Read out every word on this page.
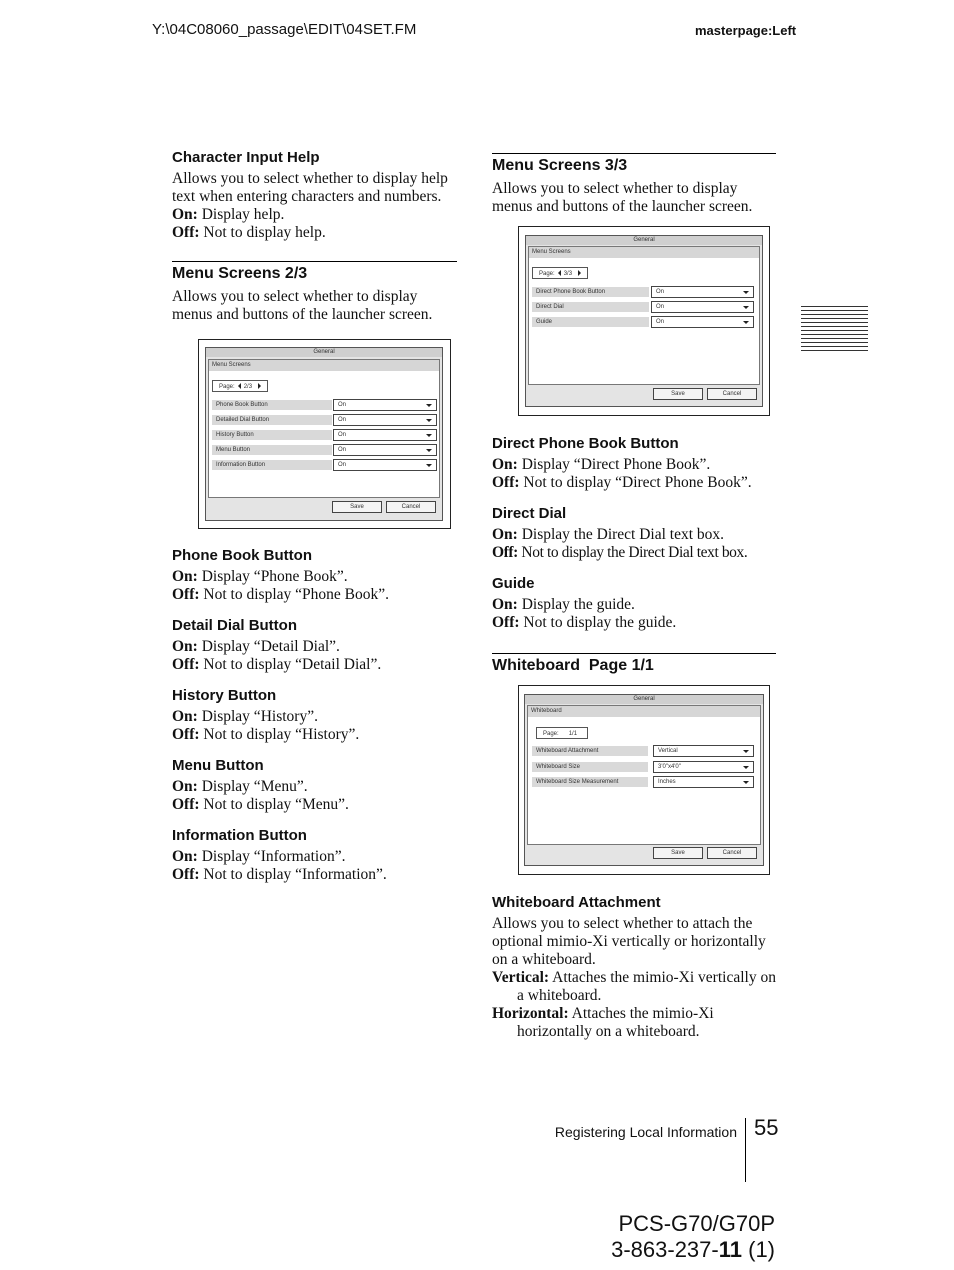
Y:\04C08060_passage\EDIT\04SET.FM	masterpage:Left

Character Input Help

Allows you to select whether to display help text when entering characters and numbers.

On: Display help.

Off: Not to display help.

Menu Screens 2/3

Allows you to select whether to display menus and buttons of the launcher screen.

General
Menu Screens
Page: 2/3
Phone Book Button	On
Detailed Dial Button	On
History Button	On
Menu Button	On
Information Button	On
Save	Cancel

Phone Book Button

On: Display “Phone Book”.

Off: Not to display “Phone Book”.

Detail Dial Button

On: Display “Detail Dial”.

Off: Not to display “Detail Dial”.

History Button

On: Display “History”.

Off: Not to display “History”.

Menu Button

On: Display “Menu”.

Off: Not to display “Menu”.

Information Button

On: Display “Information”.

Off: Not to display “Information”.

Menu Screens 3/3

Allows you to select whether to display menus and buttons of the launcher screen.

General
Menu Screens
Page: 3/3
Direct Phone Book Button	On
Direct Dial	On
Guide	On
Save	Cancel

Direct Phone Book Button

On: Display “Direct Phone Book”.

Off: Not to display “Direct Phone Book”.

Direct Dial

On: Display the Direct Dial text box.

Off: Not to display the Direct Dial text box.

Guide

On: Display the guide.

Off: Not to display the guide.

Whiteboard  Page 1/1

General
Whiteboard
Page: 1/1
Whiteboard Attachment	Vertical
Whiteboard Size	3'0"x4'0"
Whiteboard Size Measurement	Inches
Save	Cancel

Whiteboard Attachment

Allows you to select whether to attach the optional mimio-Xi vertically or horizontally on a whiteboard.

Vertical: Attaches the mimio-Xi vertically on a whiteboard.

Horizontal: Attaches the mimio-Xi horizontally on a whiteboard.

Registering Local Information 55
PCS-G70/G70P
3-863-237-11 (1)
